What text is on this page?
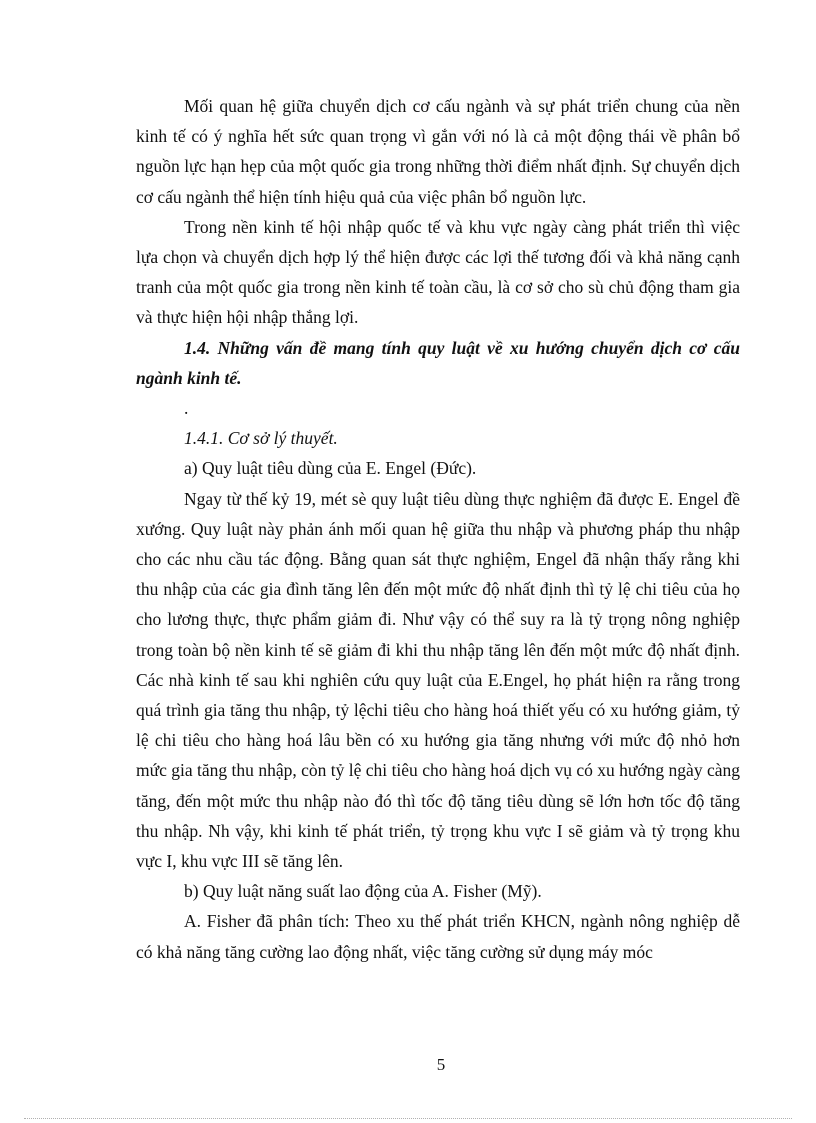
Mối quan hệ giữa chuyển dịch cơ cấu ngành và sự phát triển chung của nền kinh tế có ý nghĩa hết sức quan trọng vì gắn với nó là cả một động thái về phân bổ nguồn lực hạn hẹp của một quốc gia trong những thời điểm nhất định. Sự chuyển dịch cơ cấu ngành thể hiện tính hiệu quả của việc phân bổ nguồn lực.

Trong nền kinh tế hội nhập quốc tế và khu vực ngày càng phát triển thì việc lựa chọn và chuyển dịch hợp lý thể hiện được các lợi thế tương đối và khả năng cạnh tranh của một quốc gia trong nền kinh tế toàn cầu, là cơ sở cho sù chủ động tham gia và thực hiện hội nhập thắng lợi.

1.4. Những vấn đề mang tính quy luật về xu hướng chuyển dịch cơ cấu ngành kinh tế.

.

1.4.1. Cơ sở lý thuyết.

a) Quy luật tiêu dùng của E. Engel (Đức).

Ngay từ thế kỷ 19, mét sè quy luật tiêu dùng thực nghiệm đã được E. Engel đề xướng. Quy luật này phản ánh mối quan hệ giữa thu nhập và phương pháp thu nhập cho các nhu cầu tác động. Bằng quan sát thực nghiệm, Engel đã nhận thấy rằng khi thu nhập của các gia đình tăng lên đến một mức độ nhất định thì tỷ lệ chi tiêu của họ cho lương thực, thực phẩm giảm đi. Như vậy có thể suy ra là tỷ trọng nông nghiệp trong toàn bộ nền kinh tế sẽ giảm đi khi thu nhập tăng lên đến một mức độ nhất định. Các nhà kinh tế sau khi nghiên cứu quy luật của E.Engel, họ phát hiện ra rằng trong quá trình gia tăng thu nhập, tỷ lệchi tiêu cho hàng hoá thiết yếu có xu hướng giảm, tỷ lệ chi tiêu cho hàng hoá lâu bền có xu hướng gia tăng nhưng với mức độ nhỏ hơn mức gia tăng thu nhập, còn tỷ lệ chi tiêu cho hàng hoá dịch vụ có xu hướng ngày càng tăng, đến một mức thu nhập nào đó thì tốc độ tăng tiêu dùng sẽ lớn hơn tốc độ tăng thu nhập. Nh vậy, khi kinh tế phát triển, tỷ trọng khu vực I sẽ giảm và tỷ trọng khu vực I, khu vực III sẽ tăng lên.

b) Quy luật năng suất lao động của A. Fisher (Mỹ).

A. Fisher đã phân tích: Theo xu thế phát triển KHCN, ngành nông nghiệp dễ có khả năng tăng cường lao động nhất, việc tăng cường sử dụng máy móc

5
